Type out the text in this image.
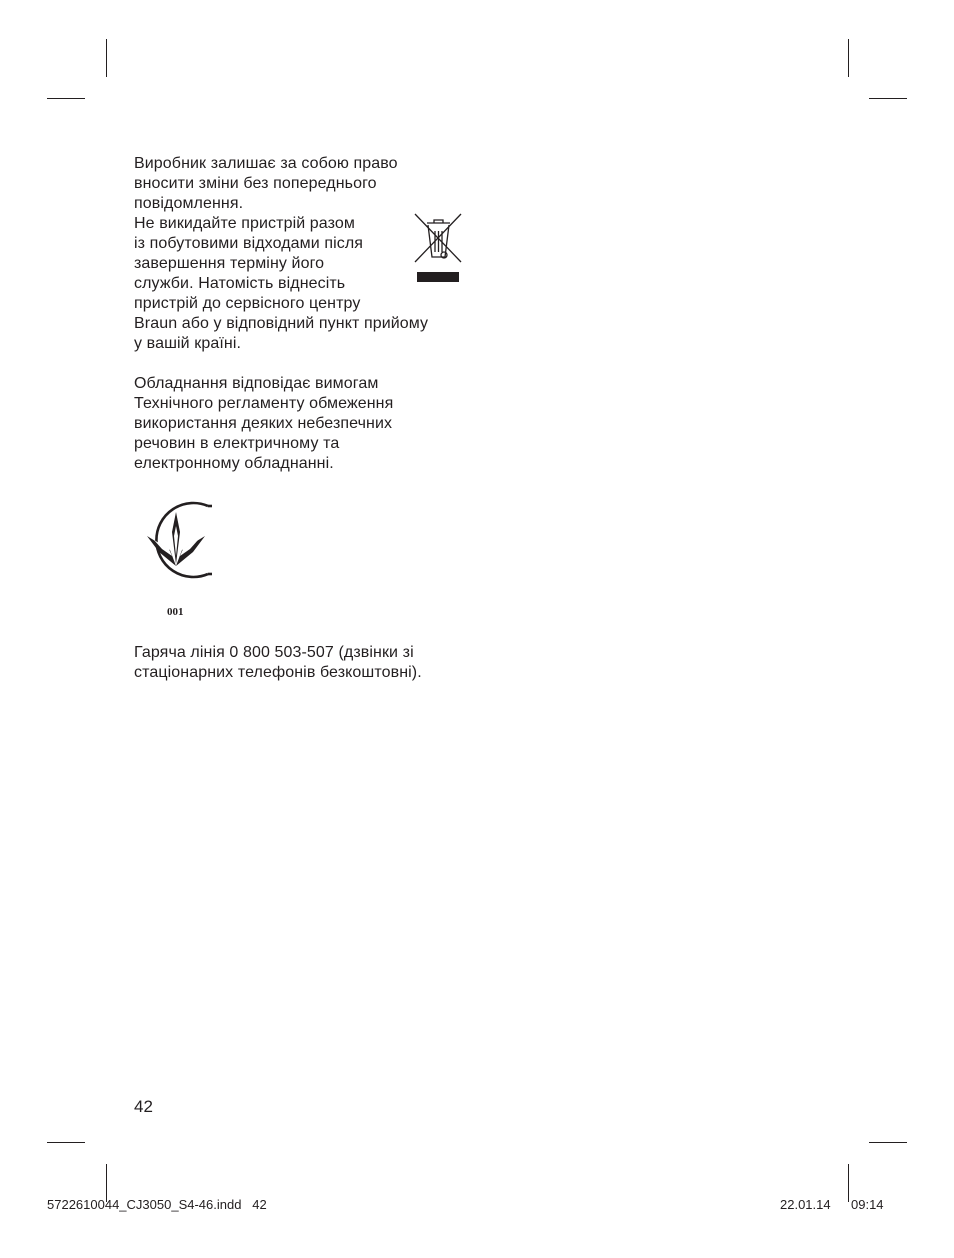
Виробник залишає за собою право
вносити зміни без попереднього
повідомлення.
Не викидайте пристрій разом
із побутовими відходами після
завершення терміну його
служби. Натомість віднесіть
пристрій до сервісного центру
Braun або у відповідний пункт прийому
у вашій країні.
Обладнання відповідає вимогам
Технічного регламенту обмеження
використання деяких небезпечних
речовин в електричному та
електронному обладнанні.
001
Гаряча лінія 0 800 503-507 (дзвінки зі
стаціонарних телефонів безкоштовні).
42
5722610044_CJ3050_S4-46.indd   42	22.01.14 09:14
